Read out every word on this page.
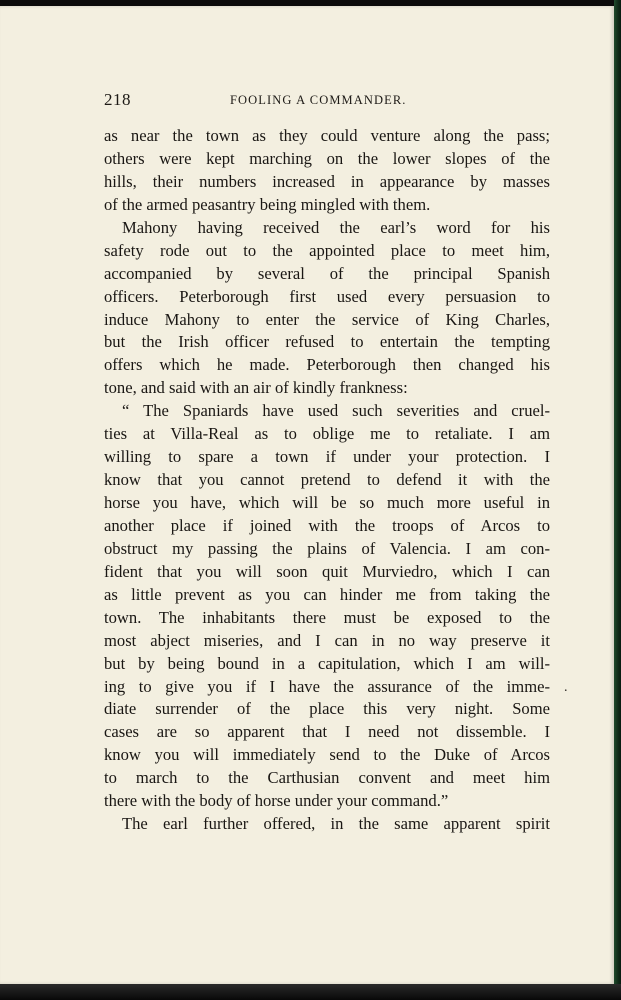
218	FOOLING A COMMANDER.
as near the town as they could venture along the pass;
others were kept marching on the lower slopes of the
hills, their numbers increased in appearance by masses
of the armed peasantry being mingled with them.
Mahony having received the earl’s word for his
safety rode out to the appointed place to meet him,
accompanied by several of the principal Spanish
officers. Peterborough first used every persuasion to
induce Mahony to enter the service of King Charles,
but the Irish officer refused to entertain the tempting
offers which he made. Peterborough then changed his
tone, and said with an air of kindly frankness:
“ The Spaniards have used such severities and cruel-
ties at Villa-Real as to oblige me to retaliate. I am
willing to spare a town if under your protection. I
know that you cannot pretend to defend it with the
horse you have, which will be so much more useful in
another place if joined with the troops of Arcos to
obstruct my passing the plains of Valencia. I am con-
fident that you will soon quit Murviedro, which I can
as little prevent as you can hinder me from taking the
town. The inhabitants there must be exposed to the
most abject miseries, and I can in no way preserve it
but by being bound in a capitulation, which I am will-
ing to give you if I have the assurance of the imme-
diate surrender of the place this very night. Some
cases are so apparent that I need not dissemble. I
know you will immediately send to the Duke of Arcos
to march to the Carthusian convent and meet him
there with the body of horse under your command.”
The earl further offered, in the same apparent spirit
.
